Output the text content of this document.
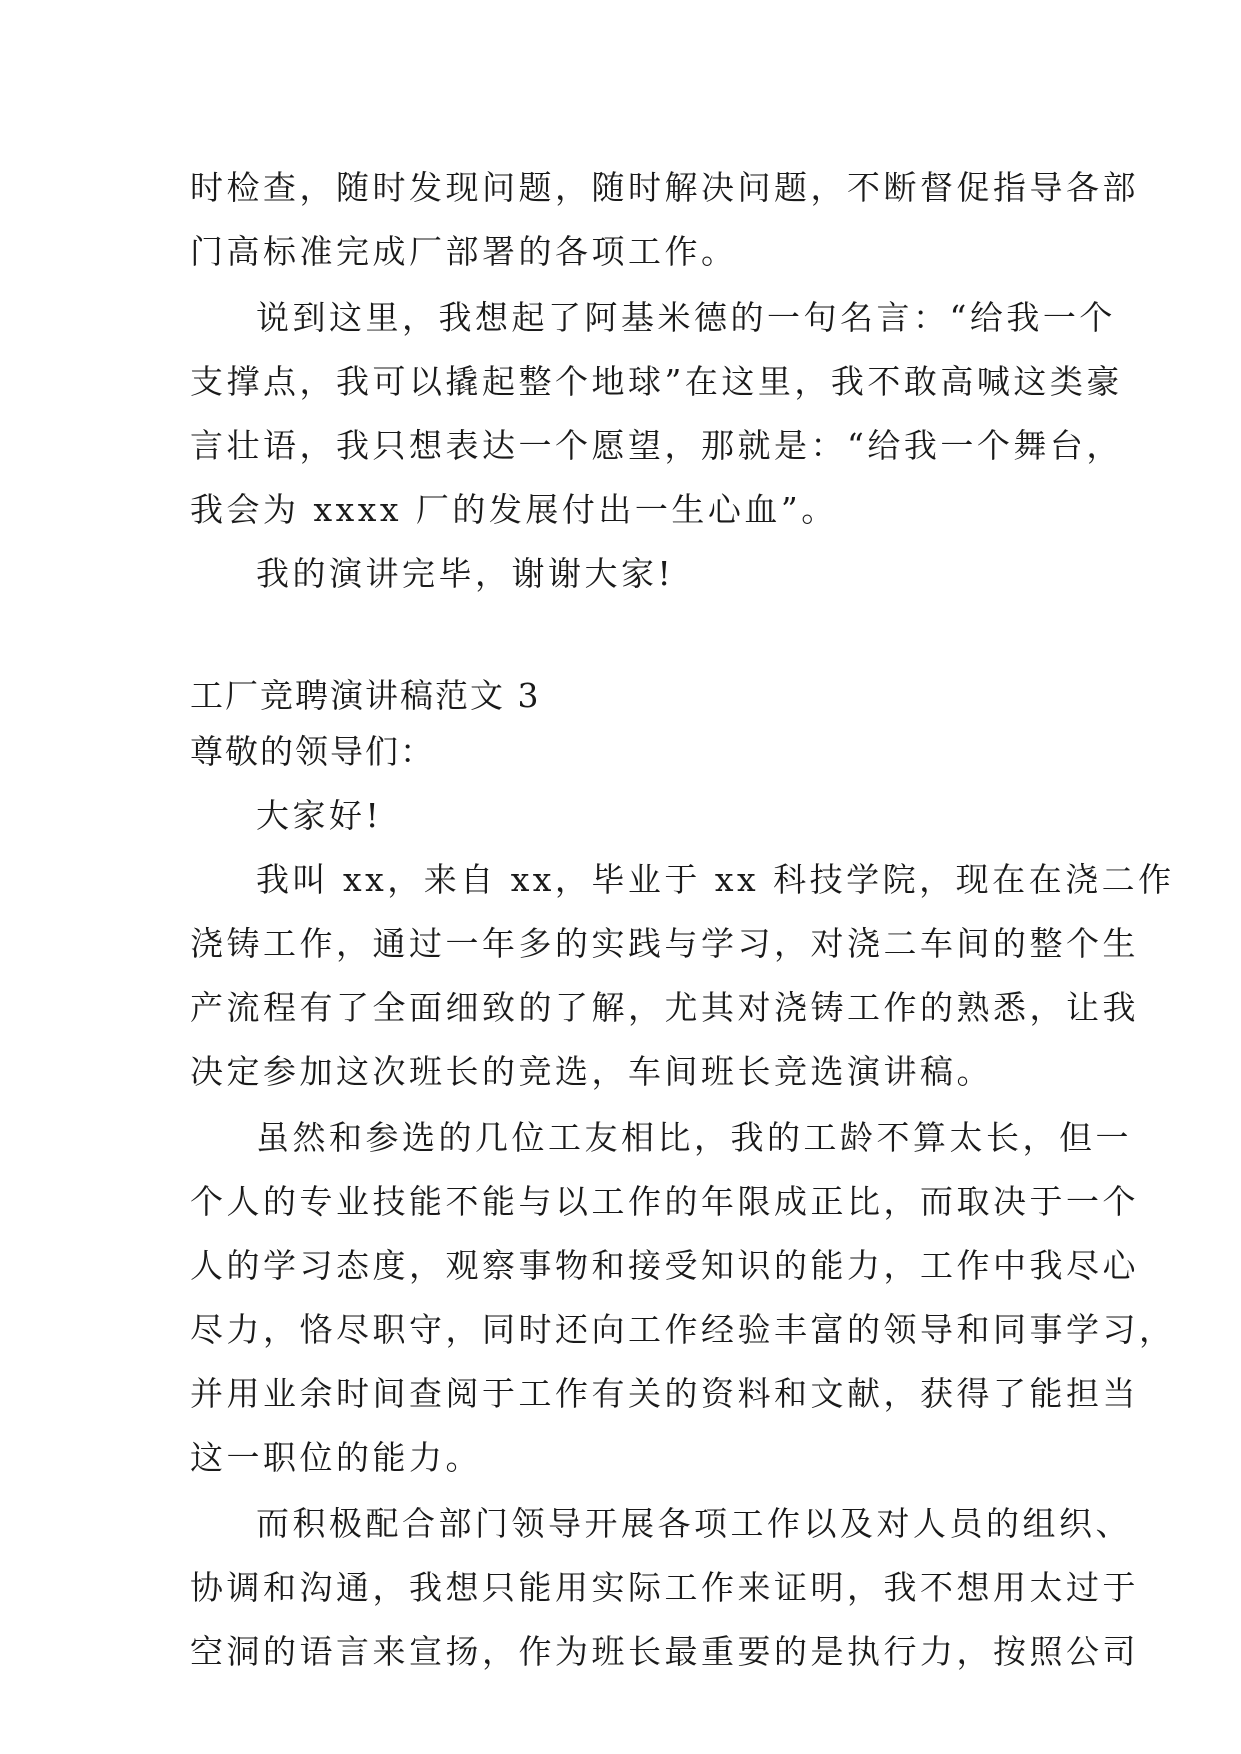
时检查，随时发现问题，随时解决问题，不断督促指导各部

门高标准完成厂部署的各项工作。

说到这里，我想起了阿基米德的一句名言：“给我一个

支撑点，我可以撬起整个地球”在这里，我不敢高喊这类豪

言壮语，我只想表达一个愿望，那就是：“给我一个舞台，

我会为 xxxx 厂的发展付出一生心血”。

我的演讲完毕，谢谢大家!

工厂竞聘演讲稿范文 3

尊敬的领导们：

大家好!

我叫 xx，来自 xx，毕业于 xx 科技学院，现在在浇二作

浇铸工作，通过一年多的实践与学习，对浇二车间的整个生

产流程有了全面细致的了解，尤其对浇铸工作的熟悉，让我

决定参加这次班长的竞选，车间班长竞选演讲稿。

虽然和参选的几位工友相比，我的工龄不算太长，但一

个人的专业技能不能与以工作的年限成正比，而取决于一个

人的学习态度，观察事物和接受知识的能力，工作中我尽心

尽力，恪尽职守，同时还向工作经验丰富的领导和同事学习，

并用业余时间查阅于工作有关的资料和文献，获得了能担当

这一职位的能力。

而积极配合部门领导开展各项工作以及对人员的组织、

协调和沟通，我想只能用实际工作来证明，我不想用太过于

空洞的语言来宣扬，作为班长最重要的是执行力，按照公司
